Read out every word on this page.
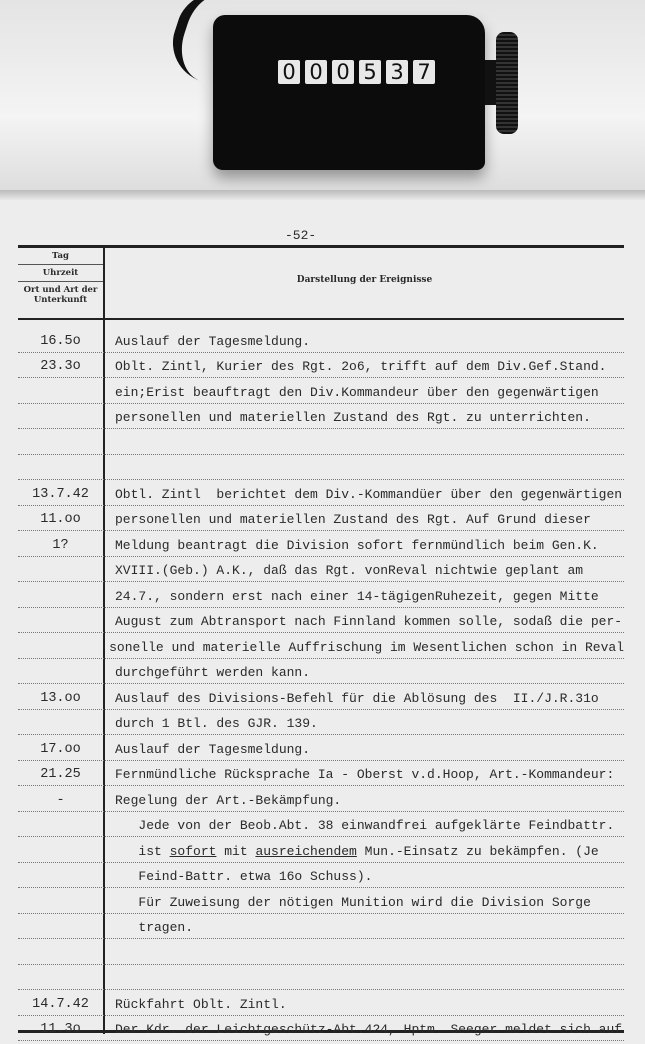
0 0 0 5 3 7
-52-
Tag
Uhrzeit
Ort und Art der Unterkunft
Darstellung der Ereignisse
16.5o	Auslauf der Tagesmeldung.
23.3o	Oblt. Zintl, Kurier des Rgt. 2o6, trifft auf dem Div.Gef.Stand.
ein;Erist beauftragt den Div.Kommandeur über den gegenwärtigen
personellen und materiellen Zustand des Rgt. zu unterrichten.
13.7.42	Obtl. Zintl  berichtet dem Div.-Kommandüer über den gegenwärtigen
11.oo	personellen und materiellen Zustand des Rgt. Auf Grund dieser
1?	Meldung beantragt die Division sofort fernmündlich beim Gen.K.
XVIII.(Geb.) A.K., daß das Rgt. vonReval nichtwie geplant am
24.7., sondern erst nach einer 14-tägigenRuhezeit, gegen Mitte
August zum Abtransport nach Finnland kommen solle, sodaß die per-
sonelle und materielle Auffrischung im Wesentlichen schon in Reval
durchgeführt werden kann.
13.oo	Auslauf des Divisions-Befehl für die Ablösung des  II./J.R.31o
durch 1 Btl. des GJR. 139.
17.oo	Auslauf der Tagesmeldung.
21.25	Fernmündliche Rücksprache Ia - Oberst v.d.Hoop, Art.-Kommandeur:
-	Regelung der Art.-Bekämpfung.
Jede von der Beob.Abt. 38 einwandfrei aufgeklärte Feindbattr.
ist sofort mit ausreichendem Mun.-Einsatz zu bekämpfen. (Je
Feind-Battr. etwa 16o Schuss).
Für Zuweisung der nötigen Munition wird die Division Sorge
tragen.
14.7.42	Rückfahrt Oblt. Zintl.
11.3o	Der Kdr. der Leichtgeschütz-Abt.424, Hptm. Seeger meldet sich auf
